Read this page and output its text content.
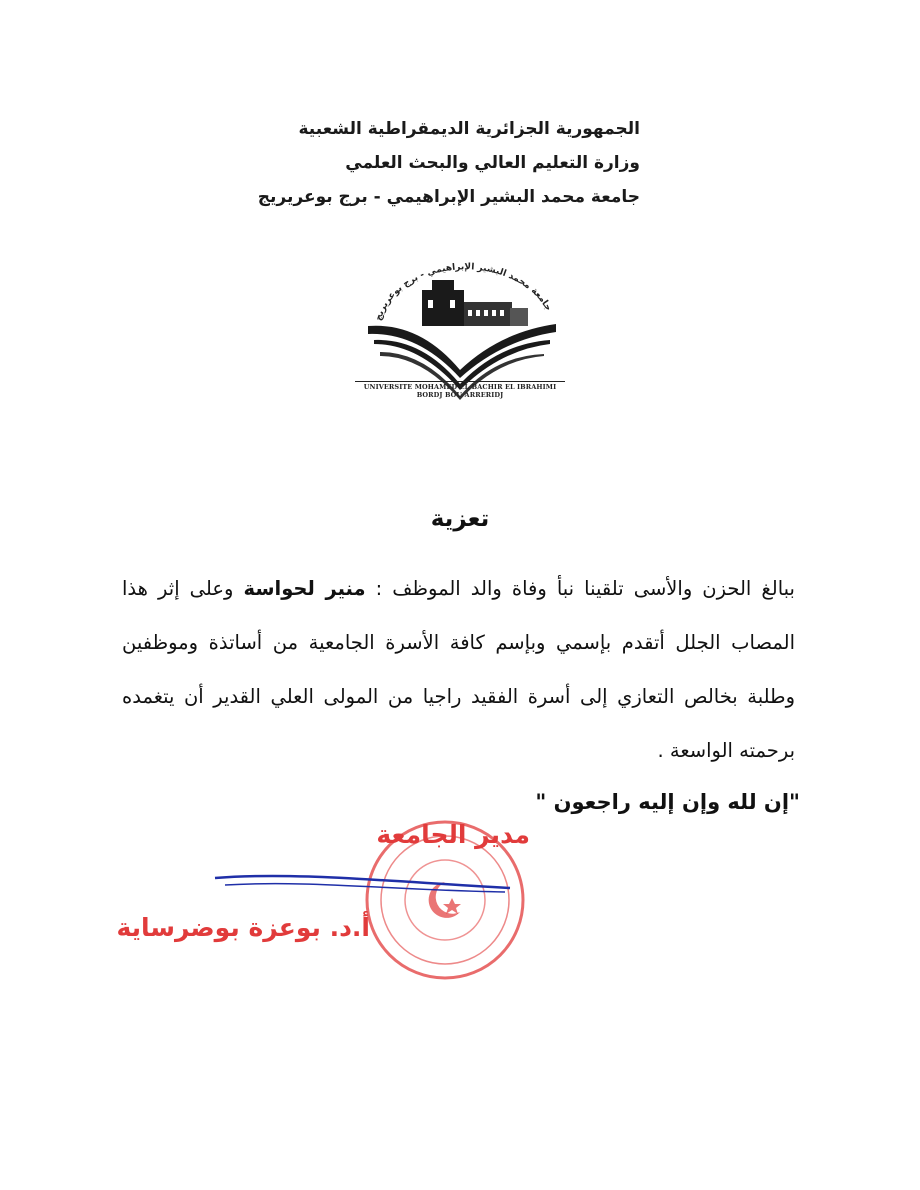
الجمهورية الجزائرية الديمقراطية الشعبية
وزارة التعليم العالي والبحث العلمي
جامعة محمد البشير الإبراهيمي - برج بوعريريج
جامعة محمد البشير الإبراهيمي - برج بوعريريج
UNIVERSITE MOHAMED EL BACHIR EL IBRAHIMI
BORDJ BOU ARRERIDJ
تعزية
ببالغ الحزن والأسى تلقينا نبأ وفاة والد الموظف : منير لحواسة وعلى إثر هذا المصاب الجلل أتقدم بإسمي وبإسم كافة الأسرة الجامعية من أساتذة وموظفين وطلبة بخالص التعازي إلى أسرة الفقيد راجيا من المولى العلي القدير أن يتغمده برحمته الواسعة .
"إن لله وإن إليه راجعون "
مدير الجامعة
أ.د. بوعزة بوضرساية
